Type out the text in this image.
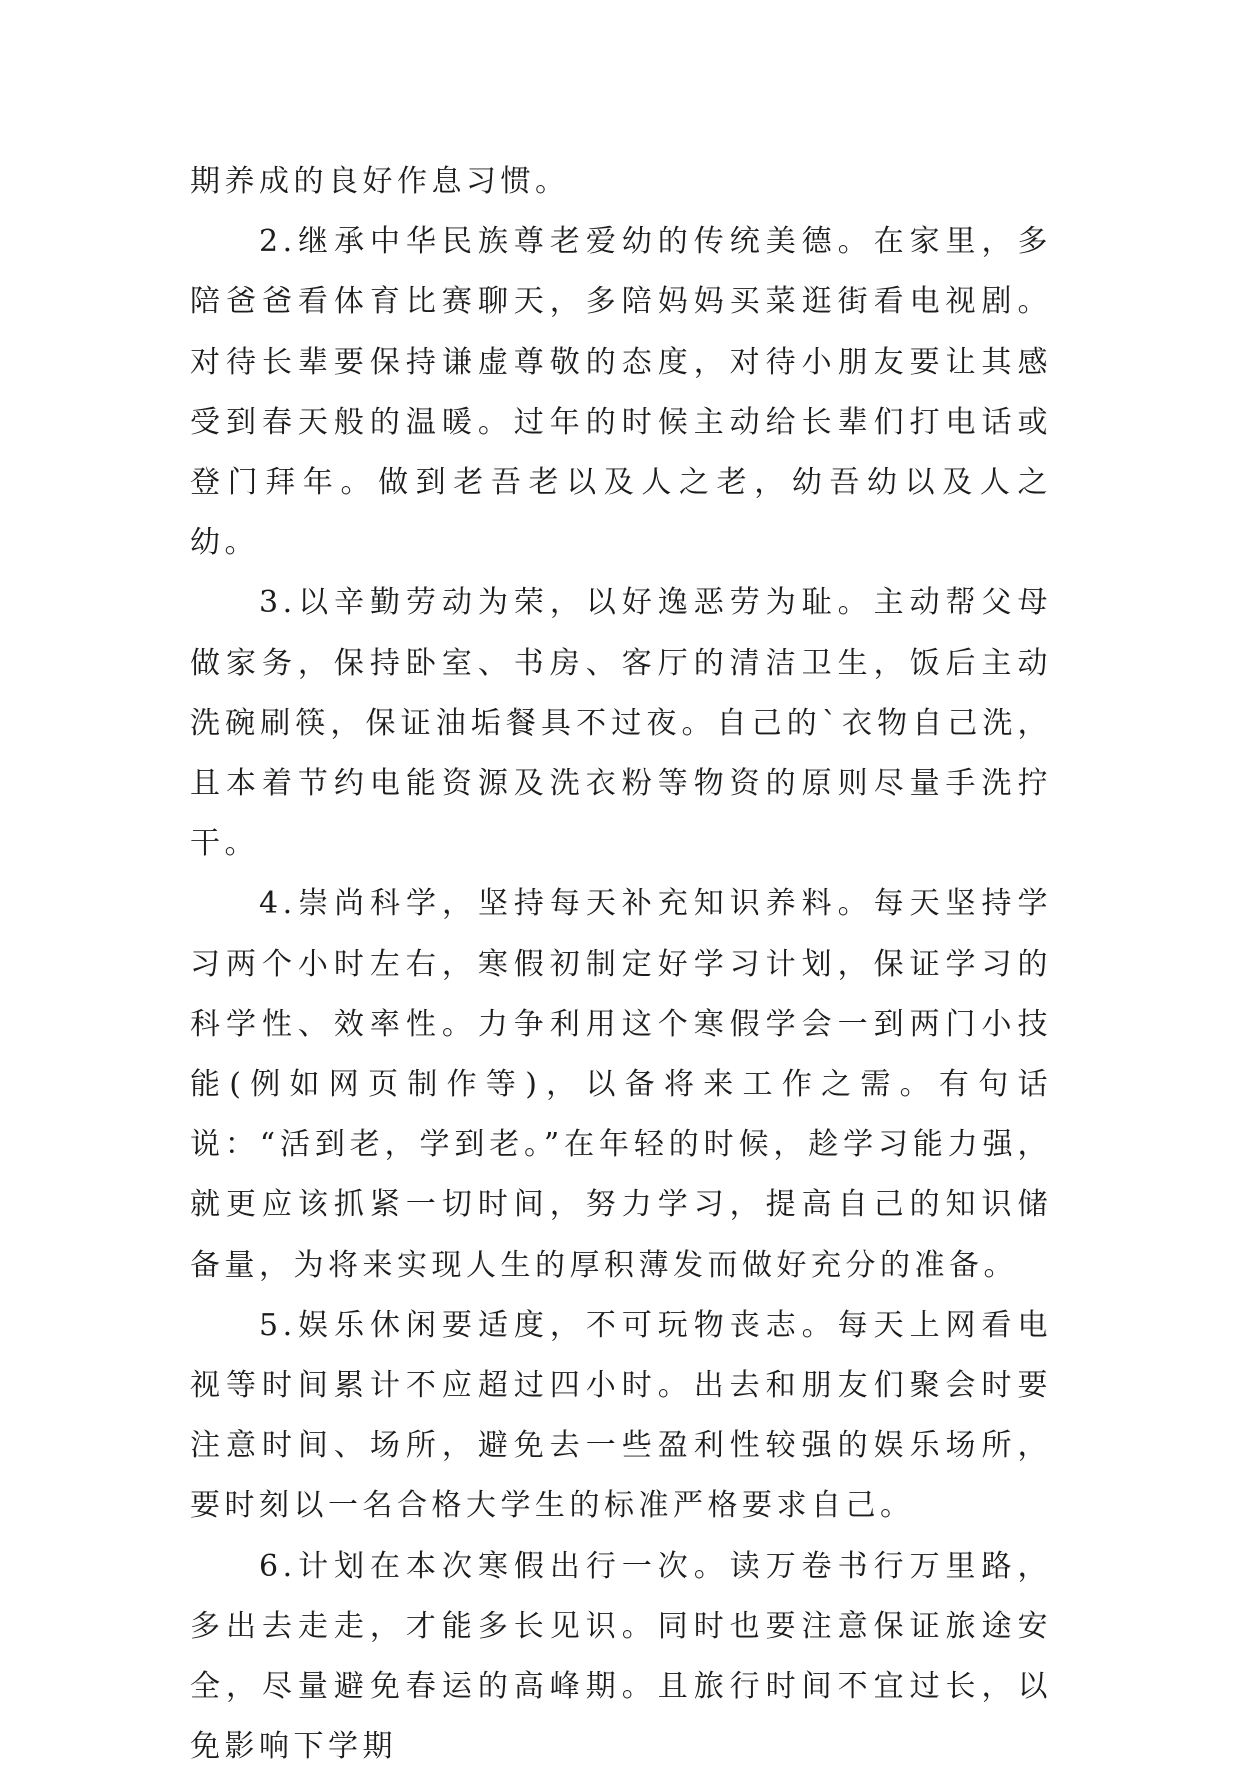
期养成的良好作息习惯。

2.继承中华民族尊老爱幼的传统美德。在家里，多陪爸爸看体育比赛聊天，多陪妈妈买菜逛街看电视剧。对待长辈要保持谦虚尊敬的态度，对待小朋友要让其感受到春天般的温暖。过年的时候主动给长辈们打电话或登门拜年。做到老吾老以及人之老，幼吾幼以及人之幼。

3.以辛勤劳动为荣，以好逸恶劳为耻。主动帮父母做家务，保持卧室、书房、客厅的清洁卫生，饭后主动洗碗刷筷，保证油垢餐具不过夜。自己的`衣物自己洗，且本着节约电能资源及洗衣粉等物资的原则尽量手洗拧干。

4.崇尚科学，坚持每天补充知识养料。每天坚持学习两个小时左右，寒假初制定好学习计划，保证学习的科学性、效率性。力争利用这个寒假学会一到两门小技能(例如网页制作等)，以备将来工作之需。有句话说：“活到老，学到老。”在年轻的时候，趁学习能力强，就更应该抓紧一切时间，努力学习，提高自己的知识储备量，为将来实现人生的厚积薄发而做好充分的准备。

5.娱乐休闲要适度，不可玩物丧志。每天上网看电视等时间累计不应超过四小时。出去和朋友们聚会时要注意时间、场所，避免去一些盈利性较强的娱乐场所，要时刻以一名合格大学生的标准严格要求自己。

6.计划在本次寒假出行一次。读万卷书行万里路，多出去走走，才能多长见识。同时也要注意保证旅途安全，尽量避免春运的高峰期。且旅行时间不宜过长，以免影响下学期
